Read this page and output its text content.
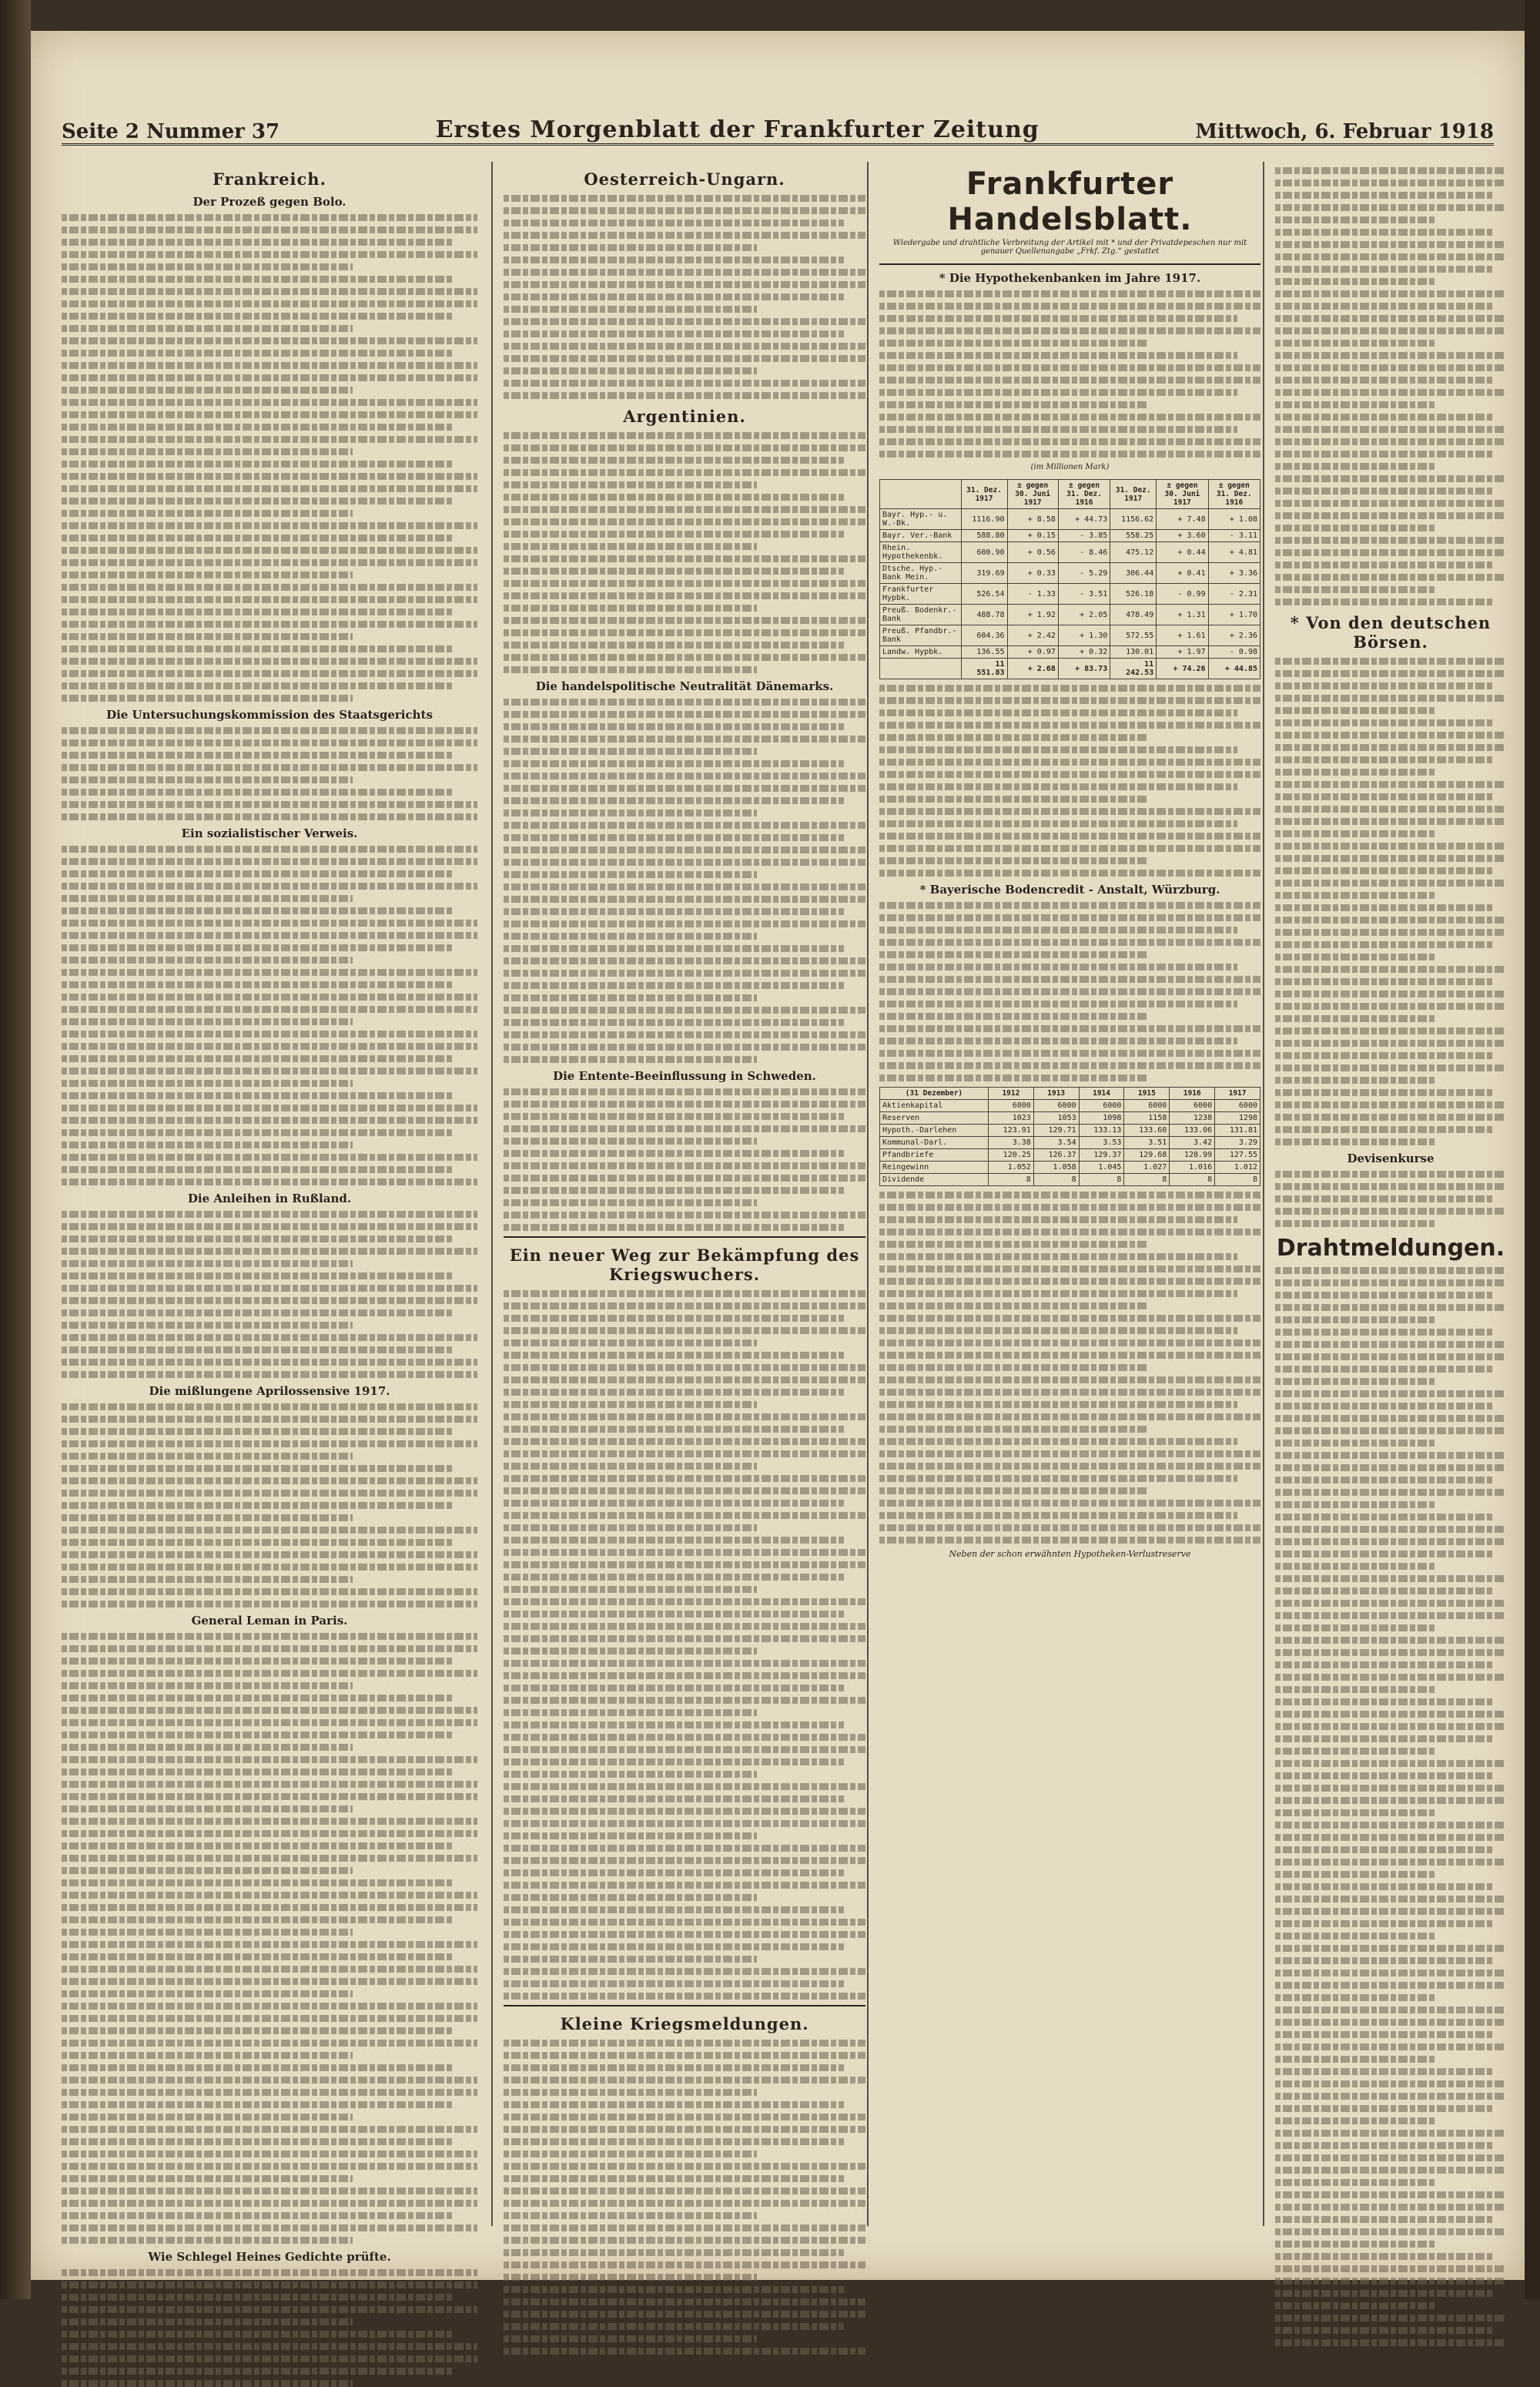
Seite 2 Nummer 37	Erstes Morgenblatt der Frankfurter Zeitung	Mittwoch, 6. Februar 1918
Frankreich.
Der Prozeß gegen Bolo.
Die Untersuchungskommission des Staatsgerichts
Ein sozialistischer Verweis.
Die Anleihen in Rußland.
Die mißlungene Aprilossensive 1917.
General Leman in Paris.
Wie Schlegel Heines Gedichte prüfte.
Oesterreich-Ungarn.
Argentinien.
Die handelspolitische Neutralität Dänemarks.
Die Entente-Beeinflussung in Schweden.
Ein neuer Weg zur Bekämpfung des Kriegswuchers.
Kleine Kriegsmeldungen.
Frankfurter Handelsblatt.
Wiedergabe und drahtliche Verbreitung der Artikel mit * und der Privatdepeschen nur mit genauer Quellenangabe „Frkf. Ztg.“ gestattet
* Die Hypothekenbanken im Jahre 1917.
(im Millionen Mark)
	31. Dez. 1917	± gegen 30. Juni 1917	± gegen 31. Dez. 1916	31. Dez. 1917	± gegen 30. Juni 1917	± gegen 31. Dez. 1916
Bayr. Hyp.- u. W.-Bk.	1116.90	+ 8.58	+ 44.73	1156.62	+ 7.48	+ 1.08
Bayr. Ver.-Bank	588.80	+ 0.15	- 3.85	558.25	+ 3.60	- 3.11
Rhein. Hypothekenbk.	600.90	+ 0.56	- 8.46	475.12	+ 0.44	+ 4.81
Dtsche. Hyp.-Bank Mein.	319.69	+ 0.33	- 5.29	306.44	+ 0.41	+ 3.36
Frankfurter Hypbk.	526.54	- 1.33	- 3.51	526.18	- 0.99	- 2.31
Preuß. Bodenkr.-Bank	488.78	+ 1.92	+ 2.05	478.49	+ 1.31	+ 1.70
Preuß. Pfandbr.-Bank	604.36	+ 2.42	+ 1.30	572.55	+ 1.61	+ 2.36
Landw. Hypbk.	136.55	+ 0.97	+ 0.32	130.01	+ 1.97	- 0.98
	11 551.83	+ 2.68	+ 83.73	11 242.53	+ 74.26	+ 44.85
* Bayerische Bodencredit - Anstalt, Würzburg.
(31 Dezember)	1912	1913	1914	1915	1916	1917
Aktienkapital	6000	6000	6000	6000	6000	6000
Reserven	1023	1053	1098	1158	1238	1298
Hypoth.-Darlehen	123.91	129.71	133.13	133.60	133.06	131.81
Kommunal-Darl.	3.38	3.54	3.53	3.51	3.42	3.29
Pfandbriefe	120.25	126.37	129.37	129.68	128.99	127.55
Reingewinn	1.052	1.058	1.045	1.027	1.016	1.012
Dividende	8	8	8	8	8	8
Neben der schon erwähnten Hypotheken-Verlustreserve
* Von den deutschen Börsen.
Devisenkurse
Drahtmeldungen.
